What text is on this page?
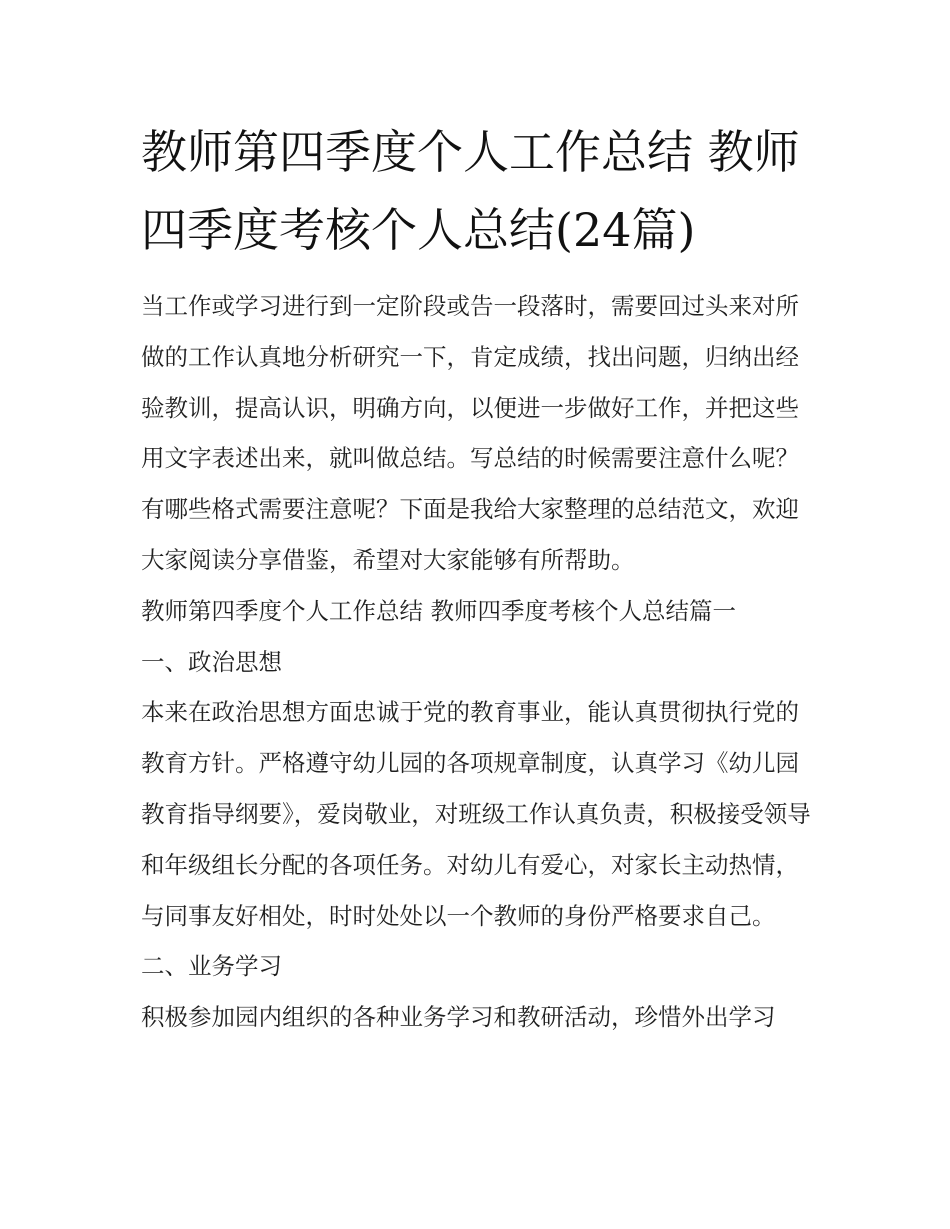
教师第四季度个人工作总结 教师四季度考核个人总结(24篇)

当工作或学习进行到一定阶段或告一段落时，需要回过头来对所做的工作认真地分析研究一下，肯定成绩，找出问题，归纳出经验教训，提高认识，明确方向，以便进一步做好工作，并把这些用文字表述出来，就叫做总结。写总结的时候需要注意什么呢？有哪些格式需要注意呢？下面是我给大家整理的总结范文，欢迎大家阅读分享借鉴，希望对大家能够有所帮助。

教师第四季度个人工作总结 教师四季度考核个人总结篇一

一、政治思想

本来在政治思想方面忠诚于党的教育事业，能认真贯彻执行党的教育方针。严格遵守幼儿园的各项规章制度，认真学习《幼儿园教育指导纲要》，爱岗敬业，对班级工作认真负责，积极接受领导和年级组长分配的各项任务。对幼儿有爱心，对家长主动热情，与同事友好相处，时时处处以一个教师的身份严格要求自己。

二、业务学习

积极参加园内组织的各种业务学习和教研活动，珍惜外出学习
